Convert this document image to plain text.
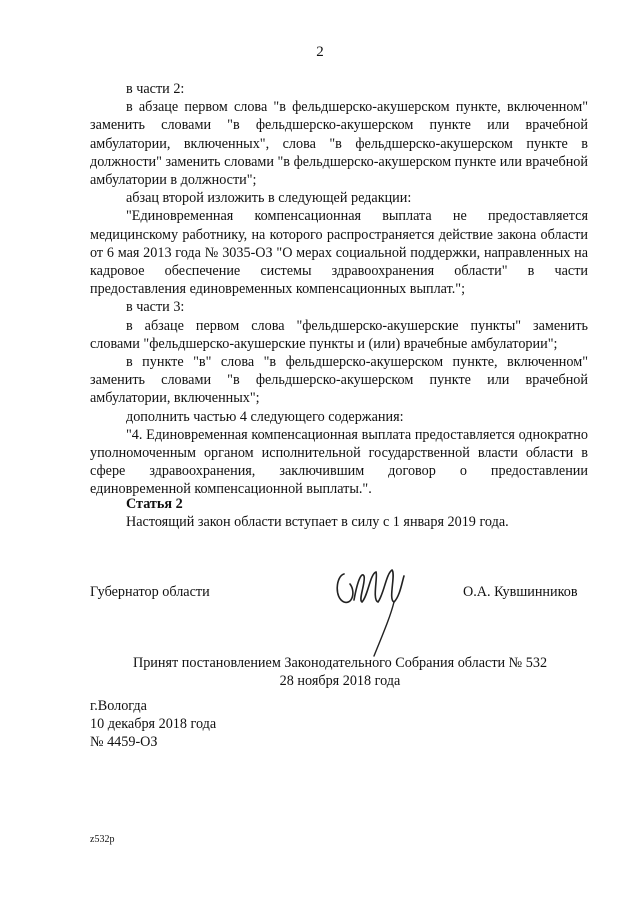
2

в части 2:

в абзаце первом слова "в фельдшерско-акушерском пункте, включенном" заменить словами "в фельдшерско-акушерском пункте или врачебной амбулатории, включенных", слова "в фельдшерско-акушерском пункте в должности" заменить словами "в фельдшерско-акушерском пункте или врачебной амбулатории в должности";

абзац второй изложить в следующей редакции:

"Единовременная компенсационная выплата не предоставляется медицинскому работнику, на которого распространяется действие закона области от 6 мая 2013 года № 3035-ОЗ "О мерах социальной поддержки, направленных на кадровое обеспечение системы здравоохранения области" в части предоставления единовременных компенсационных выплат.";

в части 3:

в абзаце первом слова "фельдшерско-акушерские пункты" заменить словами "фельдшерско-акушерские пункты и (или) врачебные амбулатории";

в пункте "в" слова "в фельдшерско-акушерском пункте, включенном" заменить словами "в фельдшерско-акушерском пункте или врачебной амбулатории, включенных";

дополнить частью 4 следующего содержания:

"4. Единовременная компенсационная выплата предоставляется однократно уполномоченным органом исполнительной государственной власти области в сфере здравоохранения, заключившим договор о предоставлении единовременной компенсационной выплаты.".

Статья 2
Настоящий закон области вступает в силу с 1 января 2019 года.
Губернатор области	О.А. Кувшинников
Принят постановлением Законодательного Собрания области № 532
28 ноября 2018 года
г.Вологда
10 декабря 2018 года
№ 4459-ОЗ
z532p
